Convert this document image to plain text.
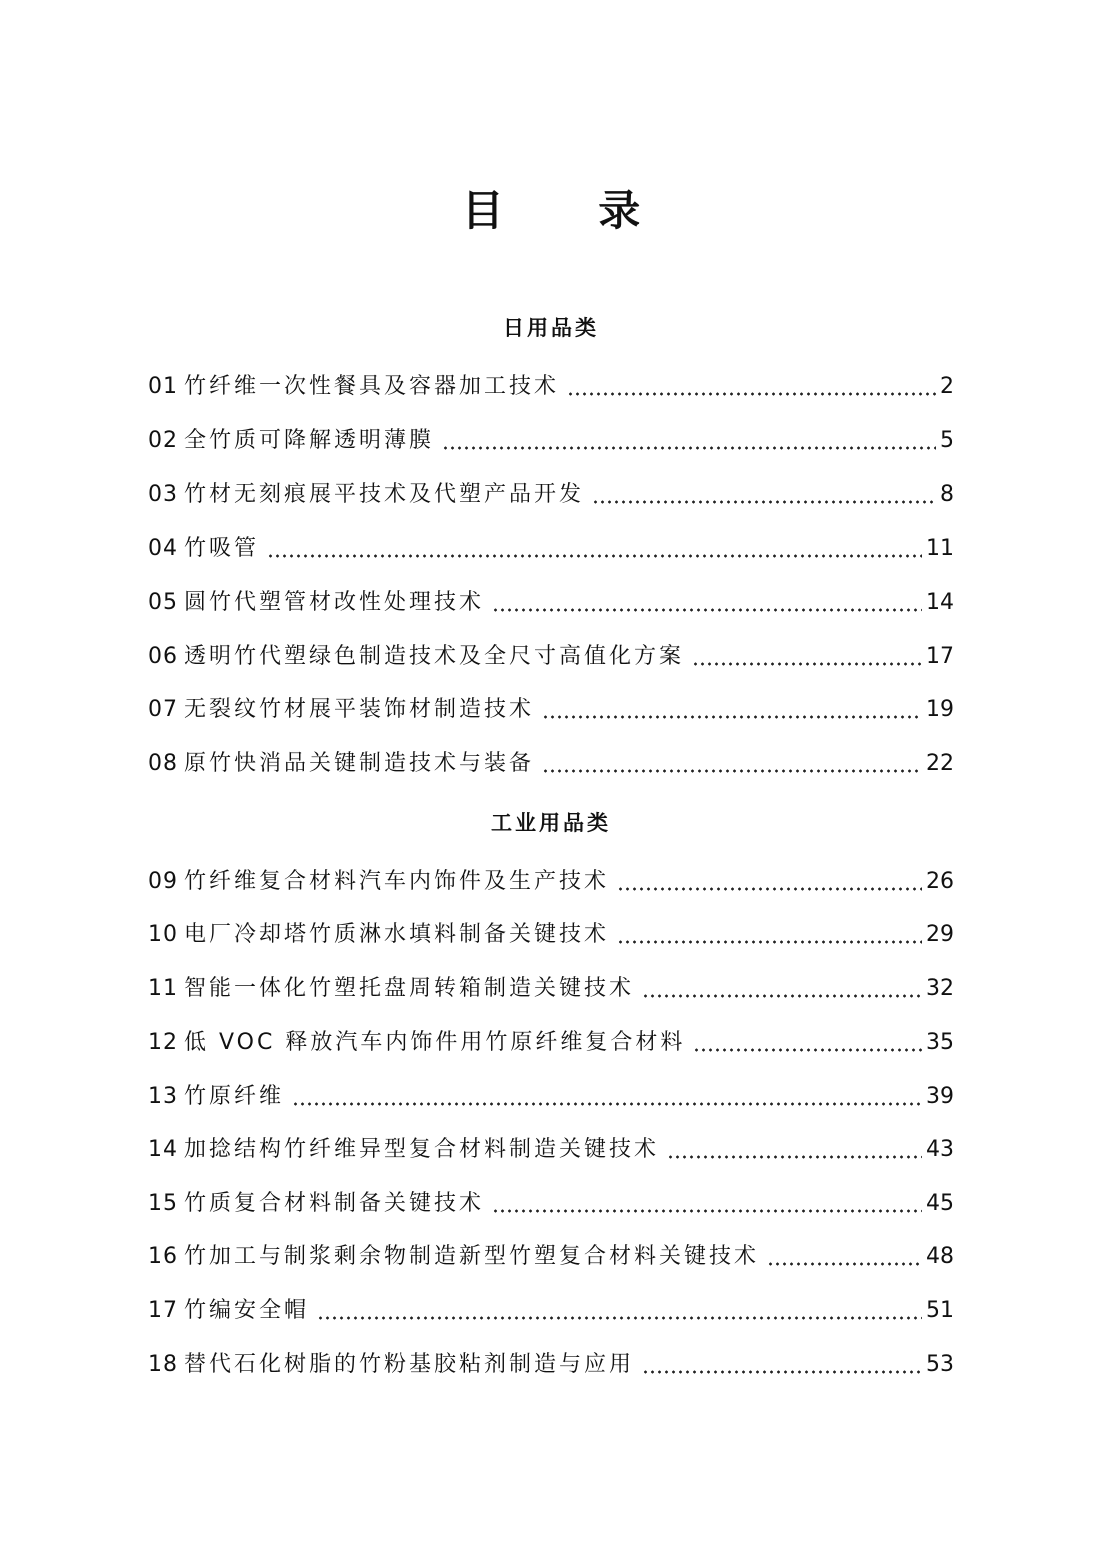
目 录
日用品类
01 竹纤维一次性餐具及容器加工技术	2
02 全竹质可降解透明薄膜	5
03 竹材无刻痕展平技术及代塑产品开发	8
04 竹吸管	11
05 圆竹代塑管材改性处理技术	14
06 透明竹代塑绿色制造技术及全尺寸高值化方案	17
07 无裂纹竹材展平装饰材制造技术	19
08 原竹快消品关键制造技术与装备	22
工业用品类
09 竹纤维复合材料汽车内饰件及生产技术	26
10 电厂冷却塔竹质淋水填料制备关键技术	29
11 智能一体化竹塑托盘周转箱制造关键技术	32
12 低 VOC 释放汽车内饰件用竹原纤维复合材料	35
13 竹原纤维	39
14 加捻结构竹纤维异型复合材料制造关键技术	43
15 竹质复合材料制备关键技术	45
16 竹加工与制浆剩余物制造新型竹塑复合材料关键技术	48
17 竹编安全帽	51
18 替代石化树脂的竹粉基胶粘剂制造与应用	53
